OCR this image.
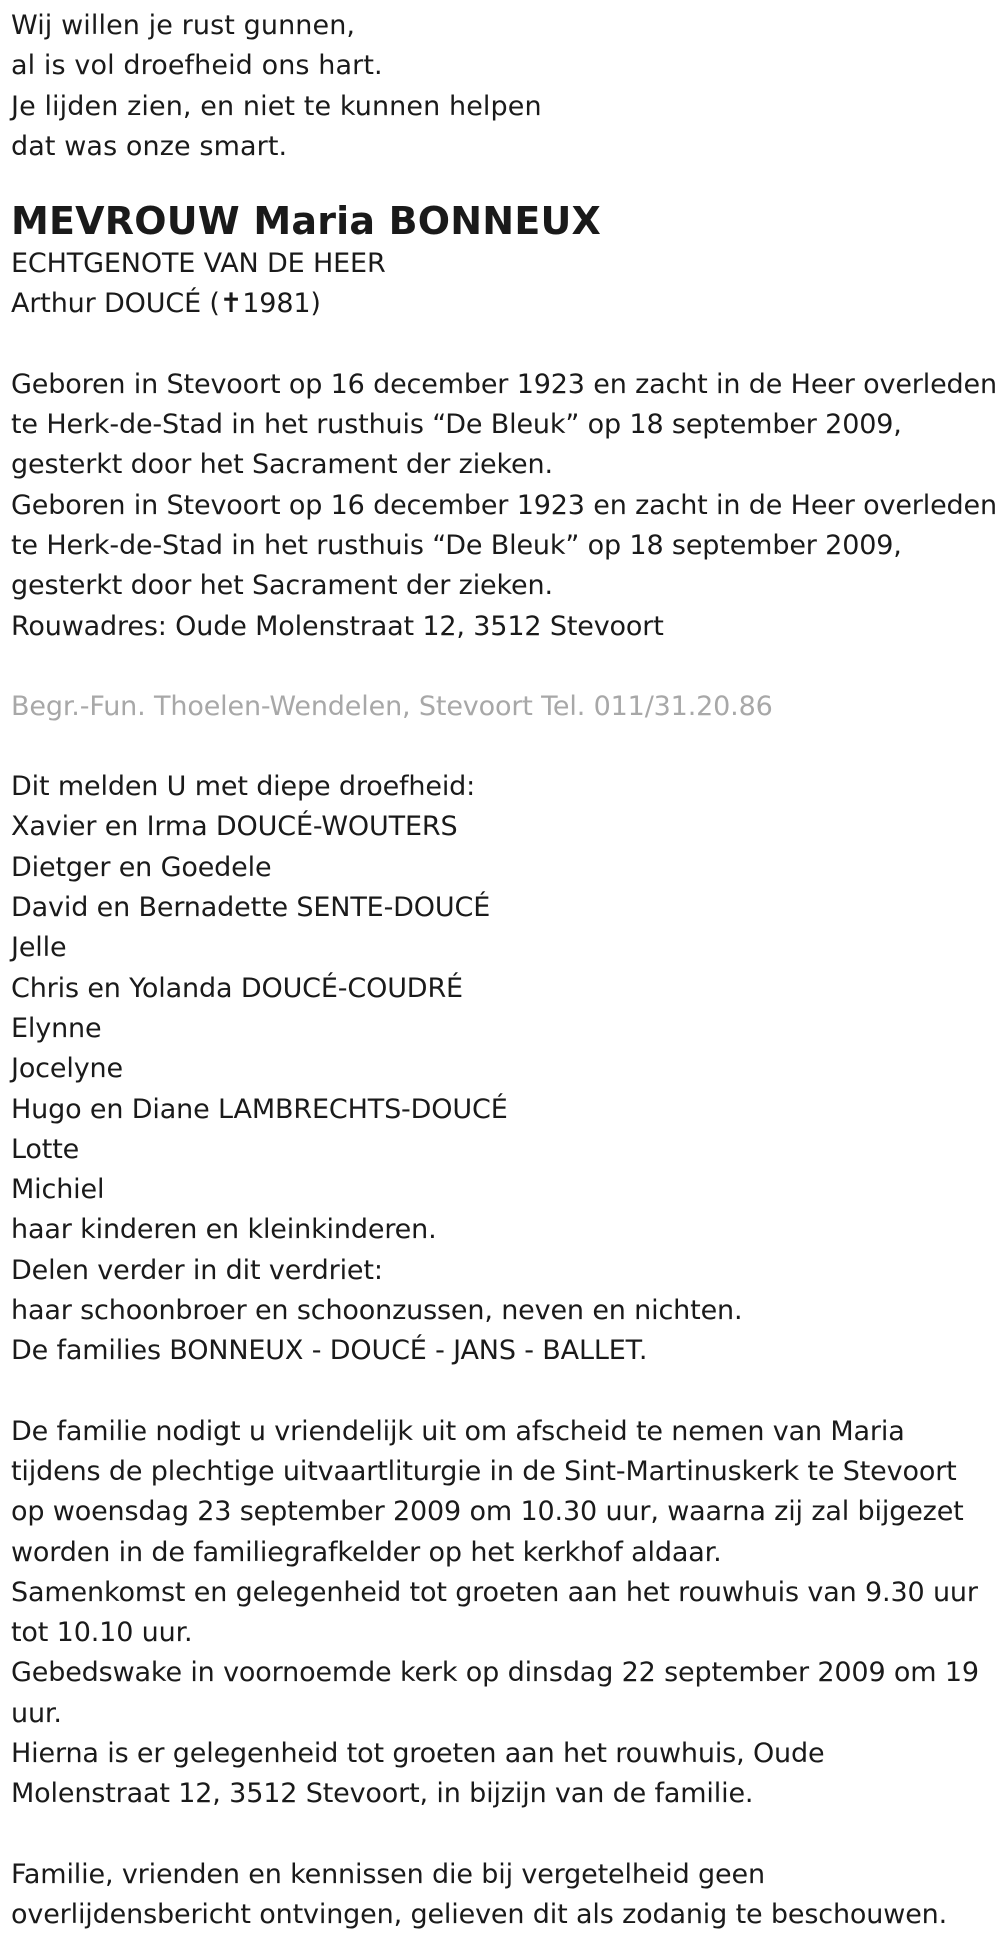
Wij willen je rust gunnen,
al is vol droefheid ons hart.
Je lijden zien, en niet te kunnen helpen
dat was onze smart.
MEVROUW Maria BONNEUX
ECHTGENOTE VAN DE HEER
Arthur DOUCÉ (✝1981)
Geboren in Stevoort op 16 december 1923 en zacht in de Heer overleden
te Herk-de-Stad in het rusthuis “De Bleuk” op 18 september 2009,
gesterkt door het Sacrament der zieken.
Geboren in Stevoort op 16 december 1923 en zacht in de Heer overleden
te Herk-de-Stad in het rusthuis “De Bleuk” op 18 september 2009,
gesterkt door het Sacrament der zieken.
Rouwadres: Oude Molenstraat 12, 3512 Stevoort
Begr.-Fun. Thoelen-Wendelen, Stevoort Tel. 011/31.20.86
Dit melden U met diepe droefheid:
Xavier en Irma DOUCÉ-WOUTERS
Dietger en Goedele
David en Bernadette SENTE-DOUCÉ
Jelle
Chris en Yolanda DOUCÉ-COUDRÉ
Elynne
Jocelyne
Hugo en Diane LAMBRECHTS-DOUCÉ
Lotte
Michiel
haar kinderen en kleinkinderen.
Delen verder in dit verdriet:
haar schoonbroer en schoonzussen, neven en nichten.
De families BONNEUX - DOUCÉ - JANS - BALLET.
De familie nodigt u vriendelijk uit om afscheid te nemen van Maria
tijdens de plechtige uitvaartliturgie in de Sint-Martinuskerk te Stevoort
op woensdag 23 september 2009 om 10.30 uur, waarna zij zal bijgezet
worden in de familiegrafkelder op het kerkhof aldaar.
Samenkomst en gelegenheid tot groeten aan het rouwhuis van 9.30 uur
tot 10.10 uur.
Gebedswake in voornoemde kerk op dinsdag 22 september 2009 om 19
uur.
Hierna is er gelegenheid tot groeten aan het rouwhuis, Oude
Molenstraat 12, 3512 Stevoort, in bijzijn van de familie.
Familie, vrienden en kennissen die bij vergetelheid geen
overlijdensbericht ontvingen, gelieven dit als zodanig te beschouwen.
